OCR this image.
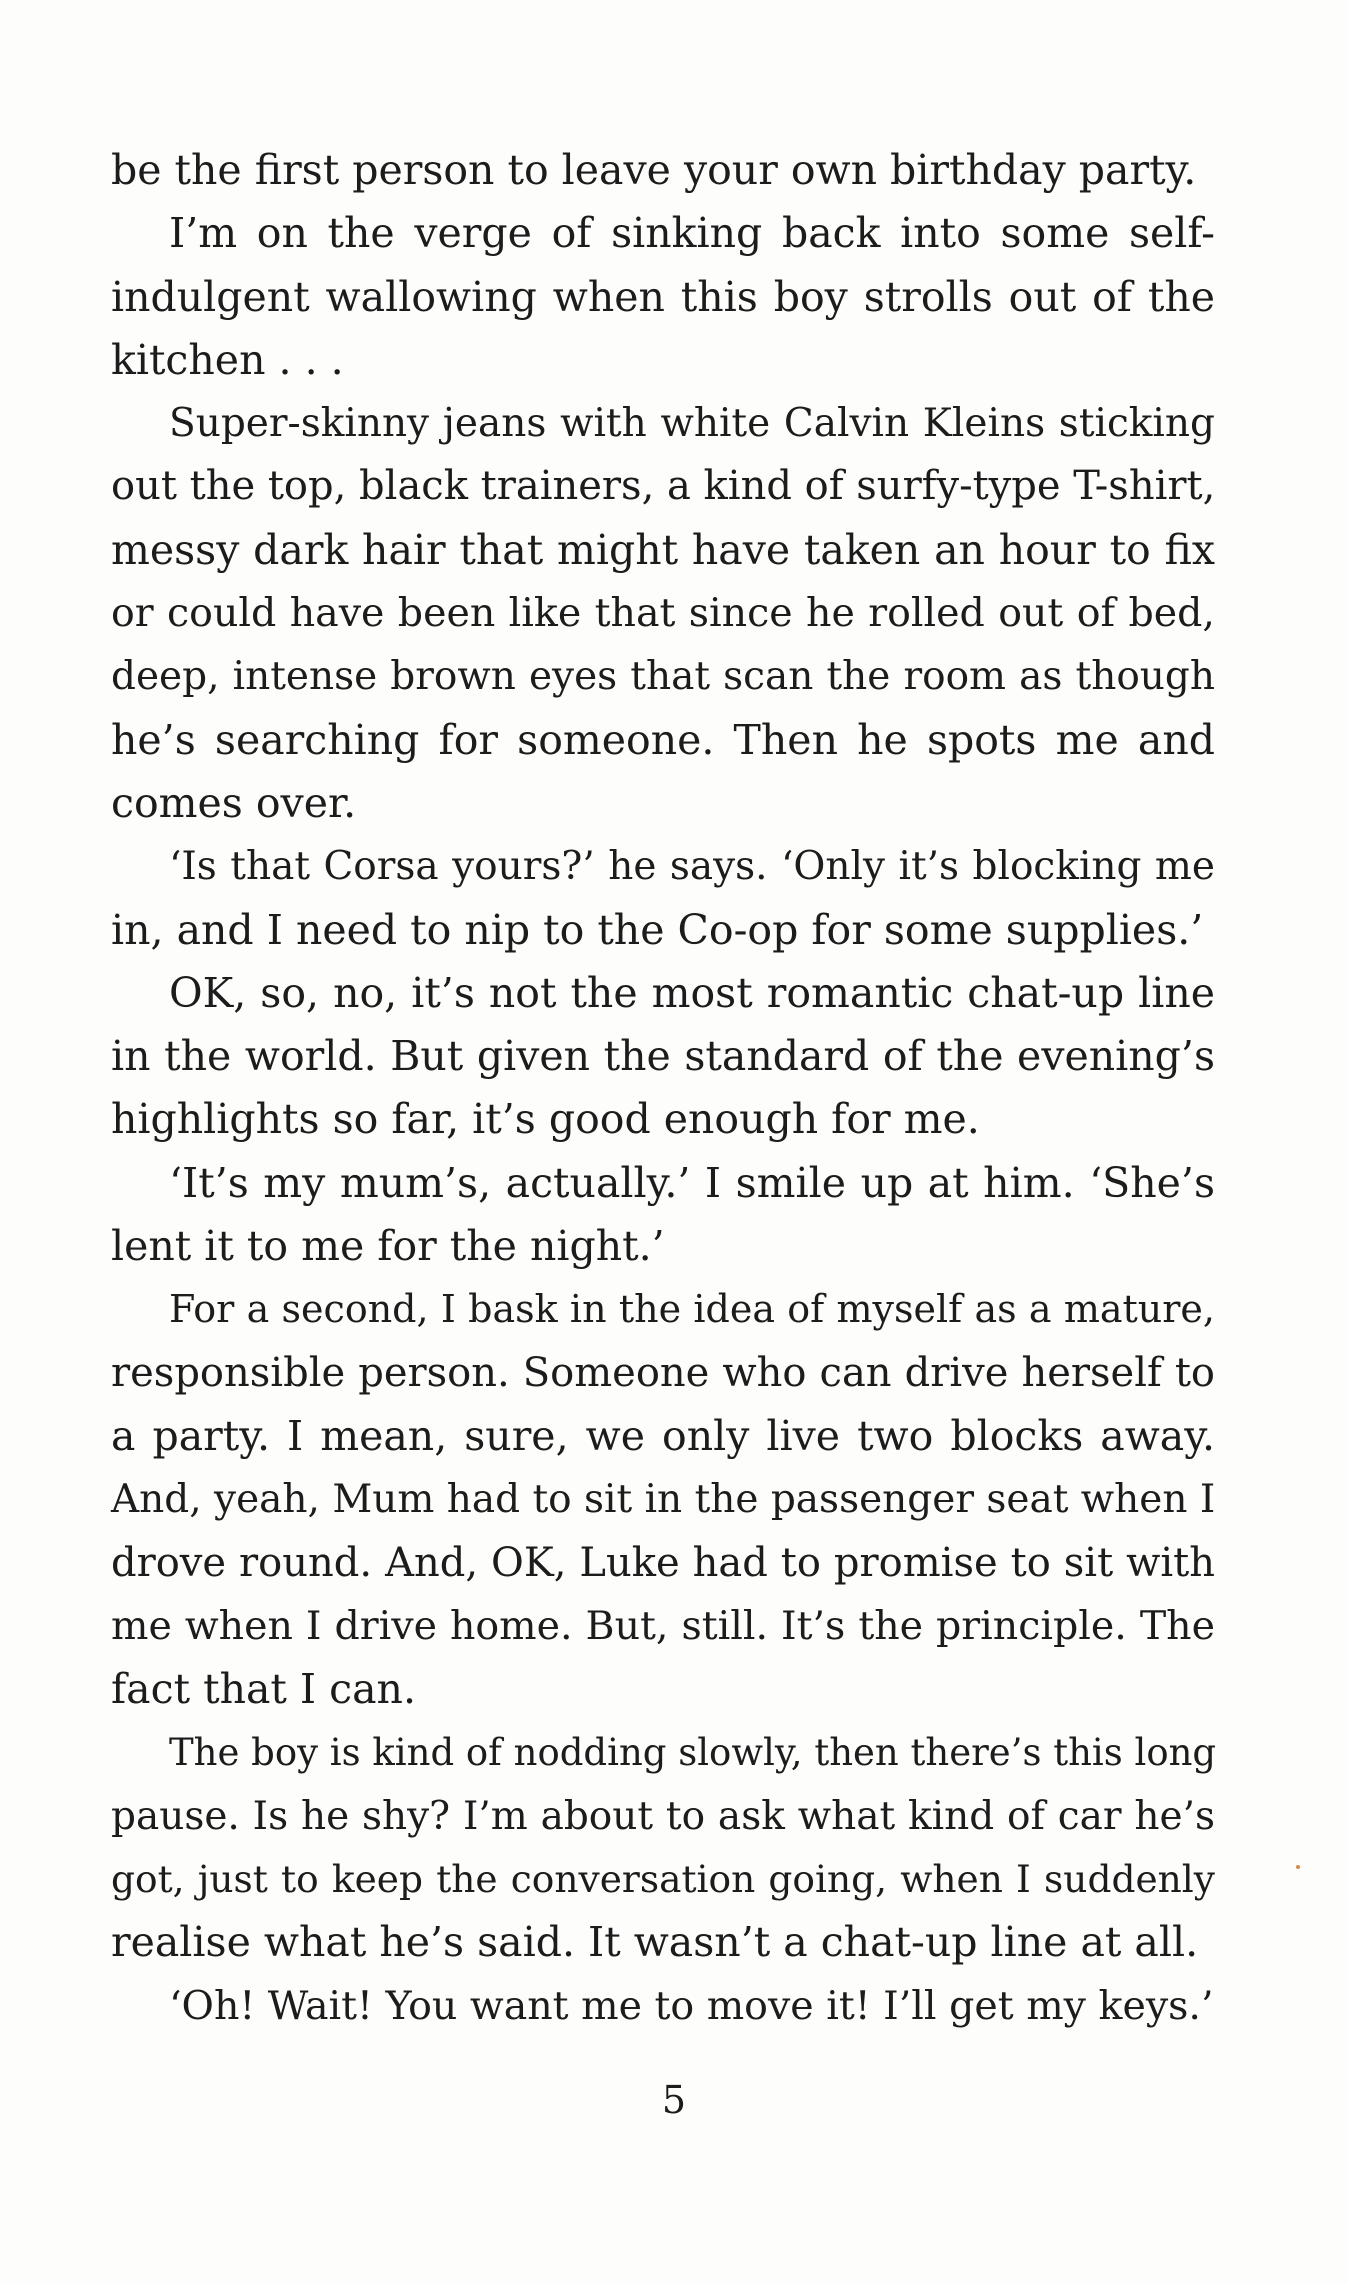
be the first person to leave your own birthday party.
I’m on the verge of sinking back into some self-
indulgent wallowing when this boy strolls out of the
kitchen . . .
Super-skinny jeans with white Calvin Kleins sticking
out the top, black trainers, a kind of surfy-type T-shirt,
messy dark hair that might have taken an hour to fix
or could have been like that since he rolled out of bed,
deep, intense brown eyes that scan the room as though
he’s searching for someone. Then he spots me and
comes over.
‘Is that Corsa yours?’ he says. ‘Only it’s blocking me
in, and I need to nip to the Co-op for some supplies.’
OK, so, no, it’s not the most romantic chat-up line
in the world. But given the standard of the evening’s
highlights so far, it’s good enough for me.
‘It’s my mum’s, actually.’ I smile up at him. ‘She’s
lent it to me for the night.’
For a second, I bask in the idea of myself as a mature,
responsible person. Someone who can drive herself to
a party. I mean, sure, we only live two blocks away.
And, yeah, Mum had to sit in the passenger seat when I
drove round. And, OK, Luke had to promise to sit with
me when I drive home. But, still. It’s the principle. The
fact that I can.
The boy is kind of nodding slowly, then there’s this long
pause. Is he shy? I’m about to ask what kind of car he’s
got, just to keep the conversation going, when I suddenly
realise what he’s said. It wasn’t a chat-up line at all.
‘Oh! Wait! You want me to move it! I’ll get my keys.’
5
